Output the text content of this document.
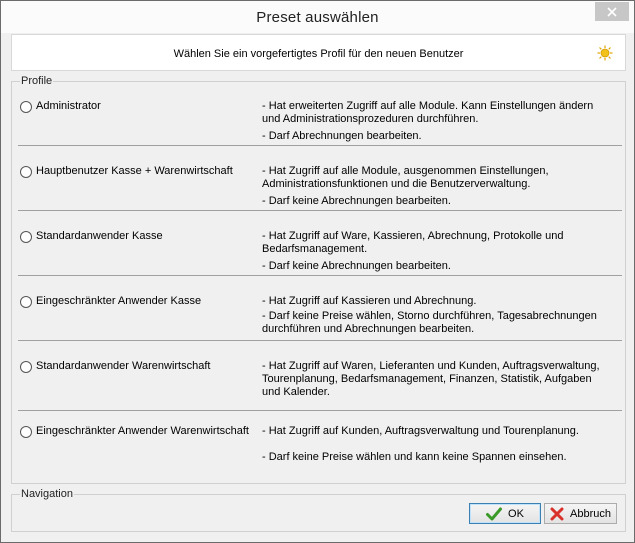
Preset auswählen
Wählen Sie ein vorgefertigtes Profil für den neuen Benutzer
Profile
Administrator	- Hat erweiterten Zugriff auf alle Module. Kann Einstellungen ändern und Administrationsprozeduren durchführen.

- Darf Abrechnungen bearbeiten.

Hauptbenutzer Kasse + Warenwirtschaft	- Hat Zugriff auf alle Module, ausgenommen Einstellungen, Administrationsfunktionen und die Benutzerverwaltung.

- Darf keine Abrechnungen bearbeiten.

Standardanwender Kasse	- Hat Zugriff auf Ware, Kassieren, Abrechnung, Protokolle und Bedarfsmanagement.

- Darf keine Abrechnungen bearbeiten.

Eingeschränkter Anwender Kasse	- Hat Zugriff auf Kassieren und Abrechnung.

- Darf keine Preise wählen, Storno durchführen, Tagesabrechnungen durchführen und Abrechnungen bearbeiten.

Standardanwender Warenwirtschaft	- Hat Zugriff auf Waren, Lieferanten und Kunden, Auftragsverwaltung, Tourenplanung, Bedarfsmanagement, Finanzen, Statistik, Aufgaben und Kalender.

Eingeschränkter Anwender Warenwirtschaft - Hat Zugriff auf Kunden, Auftragsverwaltung und Tourenplanung.

- Darf keine Preise wählen und kann keine Spannen einsehen.

Navigation
OK	Abbruch
